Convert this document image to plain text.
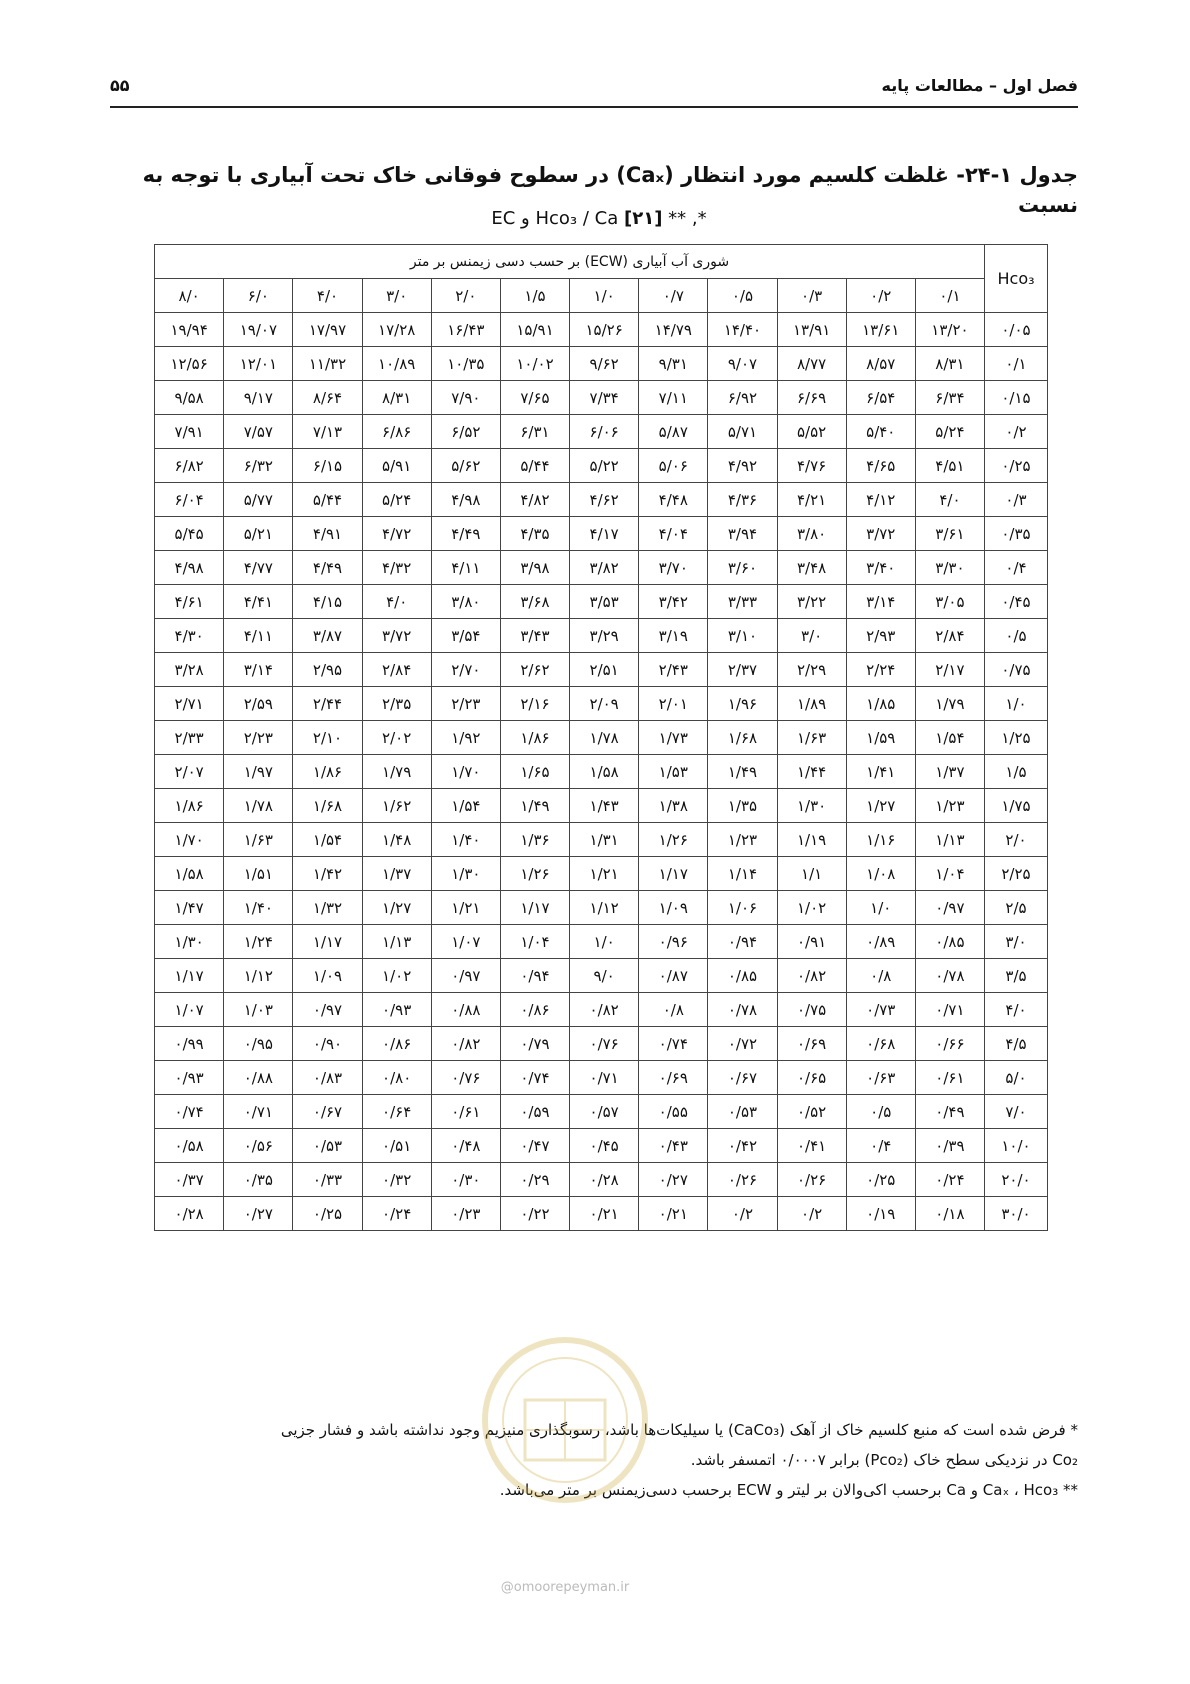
۵۵	فصل اول – مطالعات پایه
جدول ۱-۲۴- غلظت کلسیم مورد انتظار (Caₓ) در سطوح فوقانی خاک تحت آبیاری با توجه به نسبت
*, ** [۲۱] Hco₃ / Ca و EC
Hco₃	شوری آب آبیاری (ECW) بر حسب دسی زیمنس بر متر											
	۰/۱	۰/۲	۰/۳	۰/۵	۰/۷	۱/۰	۱/۵	۲/۰	۳/۰	۴/۰	۶/۰	۸/۰
۰/۰۵	۱۳/۲۰	۱۳/۶۱	۱۳/۹۱	۱۴/۴۰	۱۴/۷۹	۱۵/۲۶	۱۵/۹۱	۱۶/۴۳	۱۷/۲۸	۱۷/۹۷	۱۹/۰۷	۱۹/۹۴
۰/۱	۸/۳۱	۸/۵۷	۸/۷۷	۹/۰۷	۹/۳۱	۹/۶۲	۱۰/۰۲	۱۰/۳۵	۱۰/۸۹	۱۱/۳۲	۱۲/۰۱	۱۲/۵۶
۰/۱۵	۶/۳۴	۶/۵۴	۶/۶۹	۶/۹۲	۷/۱۱	۷/۳۴	۷/۶۵	۷/۹۰	۸/۳۱	۸/۶۴	۹/۱۷	۹/۵۸
۰/۲	۵/۲۴	۵/۴۰	۵/۵۲	۵/۷۱	۵/۸۷	۶/۰۶	۶/۳۱	۶/۵۲	۶/۸۶	۷/۱۳	۷/۵۷	۷/۹۱
۰/۲۵	۴/۵۱	۴/۶۵	۴/۷۶	۴/۹۲	۵/۰۶	۵/۲۲	۵/۴۴	۵/۶۲	۵/۹۱	۶/۱۵	۶/۳۲	۶/۸۲
۰/۳	۴/۰	۴/۱۲	۴/۲۱	۴/۳۶	۴/۴۸	۴/۶۲	۴/۸۲	۴/۹۸	۵/۲۴	۵/۴۴	۵/۷۷	۶/۰۴
۰/۳۵	۳/۶۱	۳/۷۲	۳/۸۰	۳/۹۴	۴/۰۴	۴/۱۷	۴/۳۵	۴/۴۹	۴/۷۲	۴/۹۱	۵/۲۱	۵/۴۵
۰/۴	۳/۳۰	۳/۴۰	۳/۴۸	۳/۶۰	۳/۷۰	۳/۸۲	۳/۹۸	۴/۱۱	۴/۳۲	۴/۴۹	۴/۷۷	۴/۹۸
۰/۴۵	۳/۰۵	۳/۱۴	۳/۲۲	۳/۳۳	۳/۴۲	۳/۵۳	۳/۶۸	۳/۸۰	۴/۰	۴/۱۵	۴/۴۱	۴/۶۱
۰/۵	۲/۸۴	۲/۹۳	۳/۰	۳/۱۰	۳/۱۹	۳/۲۹	۳/۴۳	۳/۵۴	۳/۷۲	۳/۸۷	۴/۱۱	۴/۳۰
۰/۷۵	۲/۱۷	۲/۲۴	۲/۲۹	۲/۳۷	۲/۴۳	۲/۵۱	۲/۶۲	۲/۷۰	۲/۸۴	۲/۹۵	۳/۱۴	۳/۲۸
۱/۰	۱/۷۹	۱/۸۵	۱/۸۹	۱/۹۶	۲/۰۱	۲/۰۹	۲/۱۶	۲/۲۳	۲/۳۵	۲/۴۴	۲/۵۹	۲/۷۱
۱/۲۵	۱/۵۴	۱/۵۹	۱/۶۳	۱/۶۸	۱/۷۳	۱/۷۸	۱/۸۶	۱/۹۲	۲/۰۲	۲/۱۰	۲/۲۳	۲/۳۳
۱/۵	۱/۳۷	۱/۴۱	۱/۴۴	۱/۴۹	۱/۵۳	۱/۵۸	۱/۶۵	۱/۷۰	۱/۷۹	۱/۸۶	۱/۹۷	۲/۰۷
۱/۷۵	۱/۲۳	۱/۲۷	۱/۳۰	۱/۳۵	۱/۳۸	۱/۴۳	۱/۴۹	۱/۵۴	۱/۶۲	۱/۶۸	۱/۷۸	۱/۸۶
۲/۰	۱/۱۳	۱/۱۶	۱/۱۹	۱/۲۳	۱/۲۶	۱/۳۱	۱/۳۶	۱/۴۰	۱/۴۸	۱/۵۴	۱/۶۳	۱/۷۰
۲/۲۵	۱/۰۴	۱/۰۸	۱/۱	۱/۱۴	۱/۱۷	۱/۲۱	۱/۲۶	۱/۳۰	۱/۳۷	۱/۴۲	۱/۵۱	۱/۵۸
۲/۵	۰/۹۷	۱/۰	۱/۰۲	۱/۰۶	۱/۰۹	۱/۱۲	۱/۱۷	۱/۲۱	۱/۲۷	۱/۳۲	۱/۴۰	۱/۴۷
۳/۰	۰/۸۵	۰/۸۹	۰/۹۱	۰/۹۴	۰/۹۶	۱/۰	۱/۰۴	۱/۰۷	۱/۱۳	۱/۱۷	۱/۲۴	۱/۳۰
۳/۵	۰/۷۸	۰/۸	۰/۸۲	۰/۸۵	۰/۸۷	۹/۰	۰/۹۴	۰/۹۷	۱/۰۲	۱/۰۹	۱/۱۲	۱/۱۷
۴/۰	۰/۷۱	۰/۷۳	۰/۷۵	۰/۷۸	۰/۸	۰/۸۲	۰/۸۶	۰/۸۸	۰/۹۳	۰/۹۷	۱/۰۳	۱/۰۷
۴/۵	۰/۶۶	۰/۶۸	۰/۶۹	۰/۷۲	۰/۷۴	۰/۷۶	۰/۷۹	۰/۸۲	۰/۸۶	۰/۹۰	۰/۹۵	۰/۹۹
۵/۰	۰/۶۱	۰/۶۳	۰/۶۵	۰/۶۷	۰/۶۹	۰/۷۱	۰/۷۴	۰/۷۶	۰/۸۰	۰/۸۳	۰/۸۸	۰/۹۳
۷/۰	۰/۴۹	۰/۵	۰/۵۲	۰/۵۳	۰/۵۵	۰/۵۷	۰/۵۹	۰/۶۱	۰/۶۴	۰/۶۷	۰/۷۱	۰/۷۴
۱۰/۰	۰/۳۹	۰/۴	۰/۴۱	۰/۴۲	۰/۴۳	۰/۴۵	۰/۴۷	۰/۴۸	۰/۵۱	۰/۵۳	۰/۵۶	۰/۵۸
۲۰/۰	۰/۲۴	۰/۲۵	۰/۲۶	۰/۲۶	۰/۲۷	۰/۲۸	۰/۲۹	۰/۳۰	۰/۳۲	۰/۳۳	۰/۳۵	۰/۳۷
۳۰/۰	۰/۱۸	۰/۱۹	۰/۲	۰/۲	۰/۲۱	۰/۲۱	۰/۲۲	۰/۲۳	۰/۲۴	۰/۲۵	۰/۲۷	۰/۲۸
* فرض شده است که منبع کلسیم خاک از آهک (CaCo₃) یا سیلیکات‌ها باشد، رسوبگذاری منیزیم وجود نداشته باشد و فشار جزیی
Co₂ در نزدیکی سطح خاک (Pco₂) برابر ۰/۰۰۰۷ اتمسفر باشد.
** Caₓ ، Hco₃ و Ca برحسب اکی‌والان بر لیتر و ECW برحسب دسی‌زیمنس بر متر می‌باشد.
@omoorepeyman.ir
